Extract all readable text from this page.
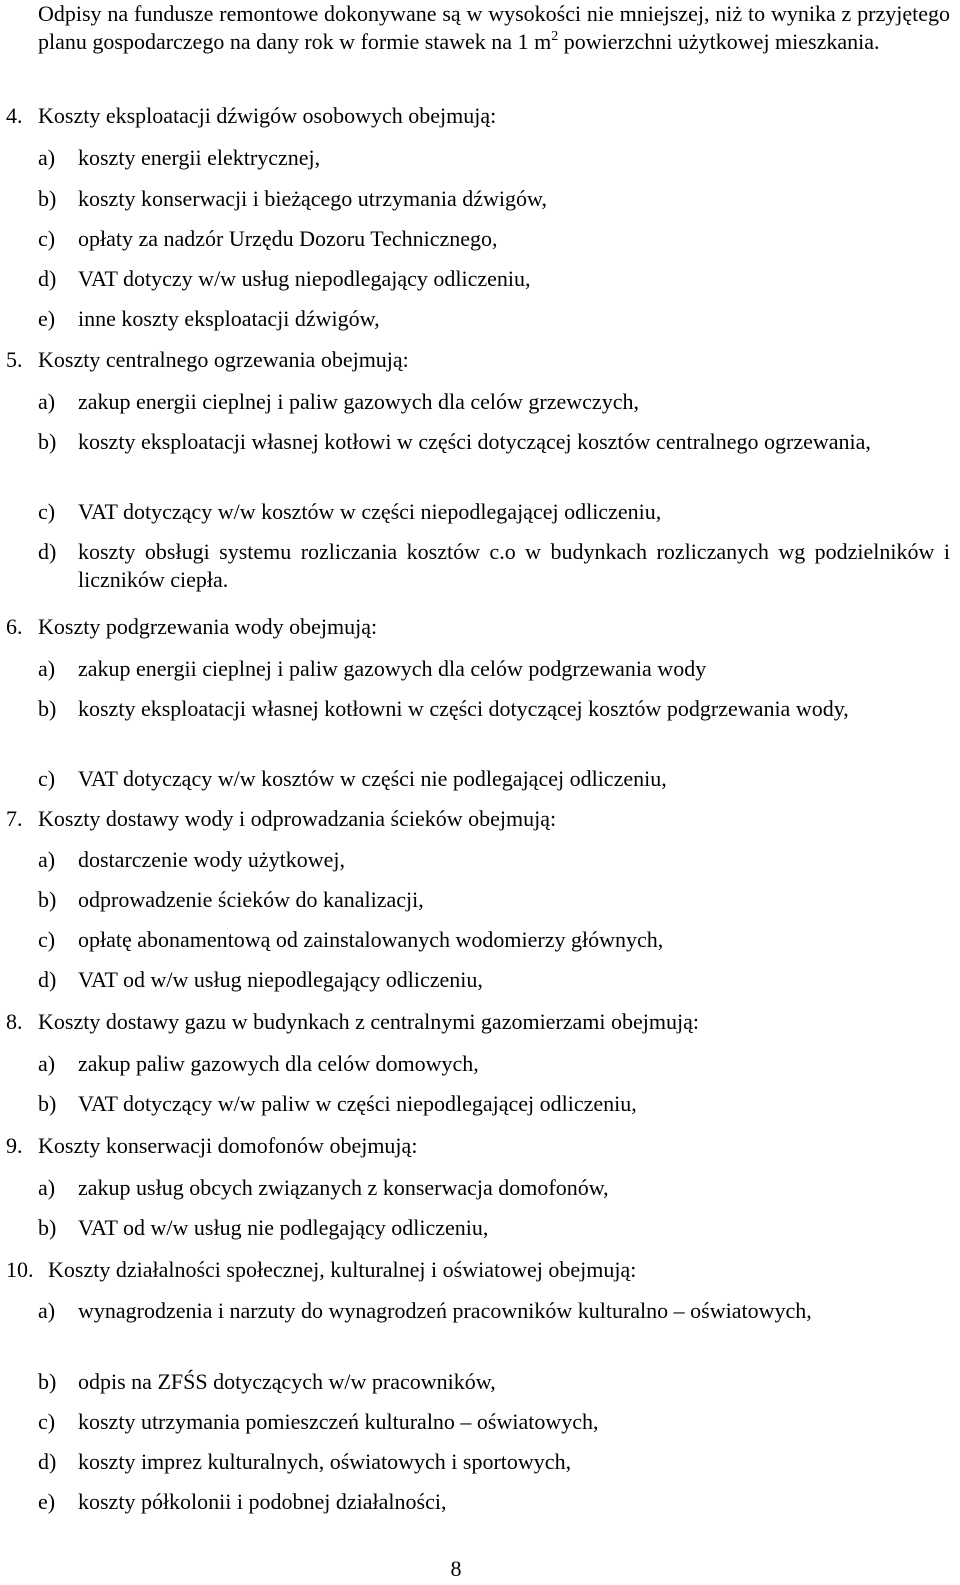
Odpisy na fundusze remontowe dokonywane są w wysokości nie mniejszej, niż to wynika z przyjętego planu gospodarczego na dany rok w formie stawek na 1 $m^2$ powierzchni użytkowej mieszkania.

4. Koszty eksploatacji dźwigów osobowych obejmują:
a)	koszty energii elektrycznej,
b) koszty konserwacji i bieżącego utrzymania dźwigów,
c)	opłaty za nadzór Urzędu Dozoru Technicznego,
d) VAT dotyczy w/w usług niepodlegający odliczeniu,
e)	inne koszty eksploatacji dźwigów,
5. Koszty centralnego ogrzewania obejmują:
a)	zakup energii cieplnej i paliw gazowych dla celów grzewczych,
b) koszty eksploatacji własnej kotłowi w części dotyczącej kosztów centralnego ogrzewania,
c)	VAT dotyczący w/w kosztów w części niepodlegającej odliczeniu,
d) koszty obsługi systemu rozliczania kosztów c.o w budynkach rozliczanych wg podzielników i liczników ciepła.
6. Koszty podgrzewania wody obejmują:
a)	zakup energii cieplnej i paliw gazowych dla celów podgrzewania wody
b) koszty eksploatacji własnej kotłowni w części dotyczącej kosztów podgrzewania wody,
c)	VAT dotyczący w/w kosztów w części nie podlegającej odliczeniu,
7. Koszty dostawy wody i odprowadzania ścieków obejmują:
a)	dostarczenie wody użytkowej,
b) odprowadzenie ścieków do kanalizacji,
c)	opłatę abonamentową od zainstalowanych wodomierzy głównych,
d) VAT od w/w usług niepodlegający odliczeniu,
8. Koszty dostawy gazu w budynkach z centralnymi gazomierzami obejmują:
a)	zakup paliw gazowych dla celów domowych,
b) VAT dotyczący w/w paliw w części niepodlegającej odliczeniu,
9. Koszty konserwacji domofonów obejmują:
a)	zakup usług obcych związanych z konserwacja domofonów,
b) VAT od w/w usług nie podlegający odliczeniu,
10. Koszty działalności społecznej, kulturalnej i oświatowej obejmują:
a)	wynagrodzenia i narzuty do wynagrodzeń pracowników kulturalno – oświatowych,
b) odpis na ZFŚS dotyczących w/w pracowników,
c)	koszty utrzymania pomieszczeń kulturalno – oświatowych,
d) koszty imprez kulturalnych, oświatowych i sportowych,
e)	koszty półkolonii i podobnej działalności,
8
